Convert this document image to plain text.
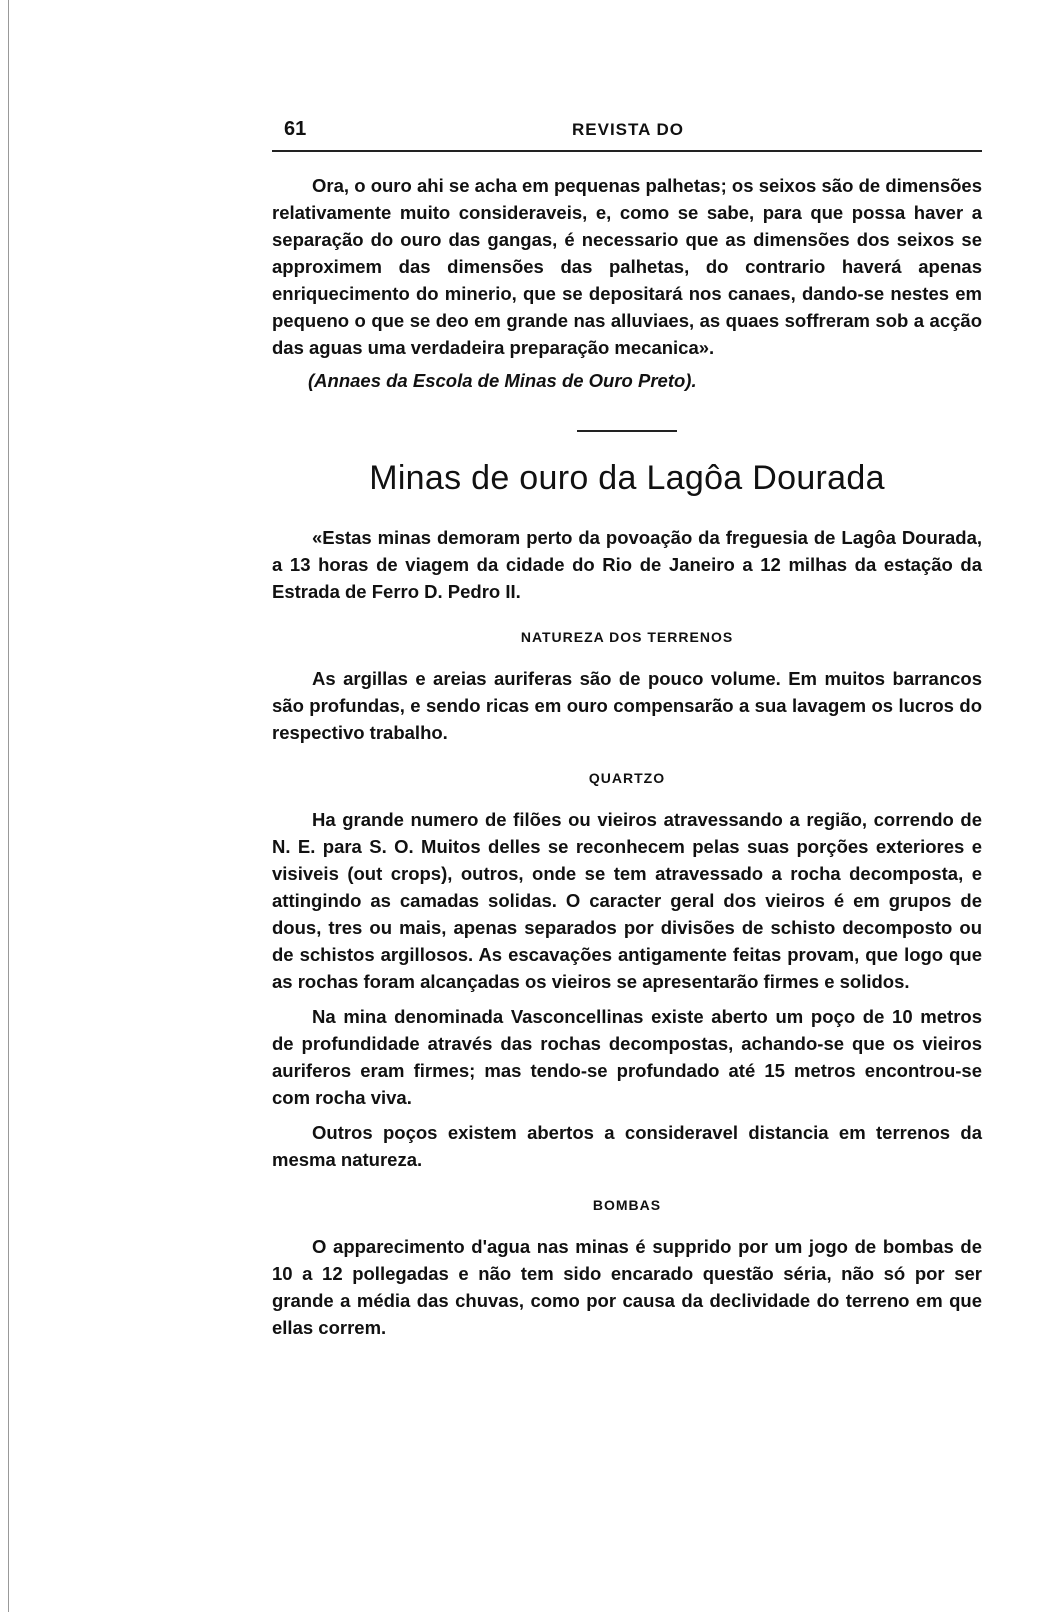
61	REVISTA DO

Ora, o ouro ahi se acha em pequenas palhetas; os seixos são de dimensões relativamente muito consideraveis, e, como se sabe, para que possa haver a separação do ouro das gangas, é necessario que as dimensões dos seixos se approximem das dimensões das palhetas, do contrario haverá apenas enriquecimento do minerio, que se depositará nos canaes, dando-se nestes em pequeno o que se deo em grande nas alluviaes, as quaes soffreram sob a acção das aguas uma verdadeira preparação mecanica».

(Annaes da Escola de Minas de Ouro Preto).

Minas de ouro da Lagôa Dourada

«Estas minas demoram perto da povoação da freguesia de Lagôa Dourada, a 13 horas de viagem da cidade do Rio de Janeiro a 12 milhas da estação da Estrada de Ferro D. Pedro II.

NATUREZA DOS TERRENOS

As argillas e areias auriferas são de pouco volume. Em muitos barrancos são profundas, e sendo ricas em ouro compensarão a sua lavagem os lucros do respectivo trabalho.

QUARTZO

Ha grande numero de filões ou vieiros atravessando a região, correndo de N. E. para S. O. Muitos delles se reconhecem pelas suas porções exteriores e visiveis (out crops), outros, onde se tem atravessado a rocha decomposta, e attingindo as camadas solidas. O caracter geral dos vieiros é em grupos de dous, tres ou mais, apenas separados por divisões de schisto decomposto ou de schistos argillosos. As escavações antigamente feitas provam, que logo que as rochas foram alcançadas os vieiros se apresentarão firmes e solidos.

Na mina denominada Vasconcellinas existe aberto um poço de 10 metros de profundidade através das rochas decompostas, achando-se que os vieiros auriferos eram firmes; mas tendo-se profundado até 15 metros encontrou-se com rocha viva.

Outros poços existem abertos a consideravel distancia em terrenos da mesma natureza.

BOMBAS

O apparecimento d'agua nas minas é supprido por um jogo de bombas de 10 a 12 pollegadas e não tem sido encarado questão séria, não só por ser grande a média das chuvas, como por causa da declividade do terreno em que ellas correm.
